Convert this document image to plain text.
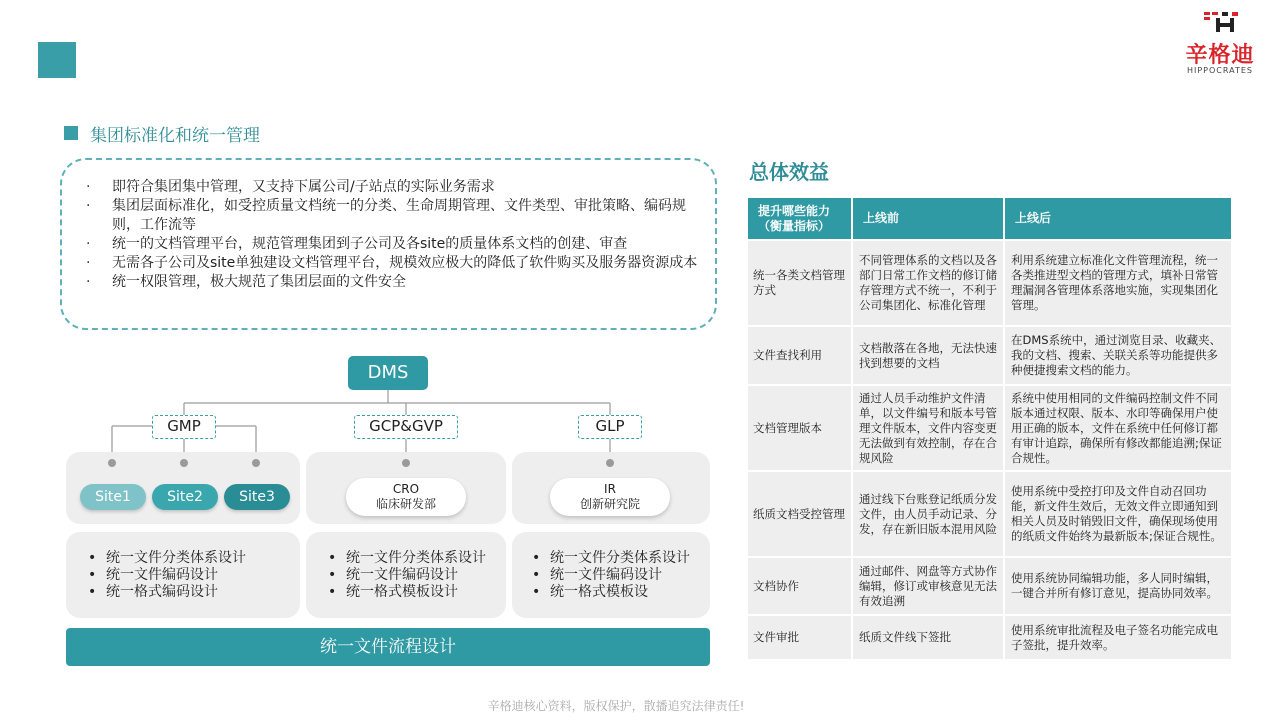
辛格迪
HIPPOCRATES
集团标准化和统一管理
· 即符合集团集中管理，又支持下属公司/子站点的实际业务需求
· 集团层面标准化，如受控质量文档统一的分类、生命周期管理、文件类型、审批策略、编码规则，工作流等
· 统一的文档管理平台，规范管理集团到子公司及各site的质量体系文档的创建、审查
· 无需各子公司及site单独建设文档管理平台，规模效应极大的降低了软件购买及服务器资源成本
· 统一权限管理，极大规范了集团层面的文件安全
DMS
GMP	GCP&GVP	GLP
Site1	Site2	Site3	CRO
临床研发部
IR
创新研究院
• 统一文件分类体系设计
• 统一文件编码设计
• 统一格式编码设计
• 统一文件分类体系设计
• 统一文件编码设计
• 统一格式模板设计
• 统一文件分类体系设计
• 统一文件编码设计
• 统一格式模板设
统一文件流程设计
总体效益
提升哪些能力（衡量指标）	上线前	上线后
统一各类文档管理方式	不同管理体系的文档以及各部门日常工作文档的修订储存管理方式不统一，不利于公司集团化、标准化管理	利用系统建立标准化文件管理流程，统一各类推进型文档的管理方式，填补日常管理漏洞各管理体系落地实施，实现集团化管理。
文件查找利用	文档散落在各地，无法快速找到想要的文档	在DMS系统中，通过浏览目录、收藏夹、我的文档、搜索、关联关系等功能提供多种便捷搜索文档的能力。
文档管理版本	通过人员手动维护文件清单，以文件编号和版本号管理文件版本，文件内容变更无法做到有效控制，存在合规风险	系统中使用相同的文件编码控制文件不同版本通过权限、版本、水印等确保用户使用正确的版本，文件在系统中任何修订都有审计追踪，确保所有修改都能追溯;保证合规性。
纸质文档受控管理	通过线下台账登记纸质分发文件，由人员手动记录、分发，存在新旧版本混用风险	使用系统中受控打印及文件自动召回功能，新文件生效后，无效文件立即通知到相关人员及时销毁旧文件，确保现场使用的纸质文件始终为最新版本;保证合规性。
文档协作	通过邮件、网盘等方式协作编辑，修订或审核意见无法有效追溯	使用系统协同编辑功能，多人同时编辑，一键合并所有修订意见，提高协同效率。
文件审批	纸质文件线下签批	使用系统审批流程及电子签名功能完成电子签批，提升效率。
辛格迪核心资料，版权保护，散播追究法律责任!
